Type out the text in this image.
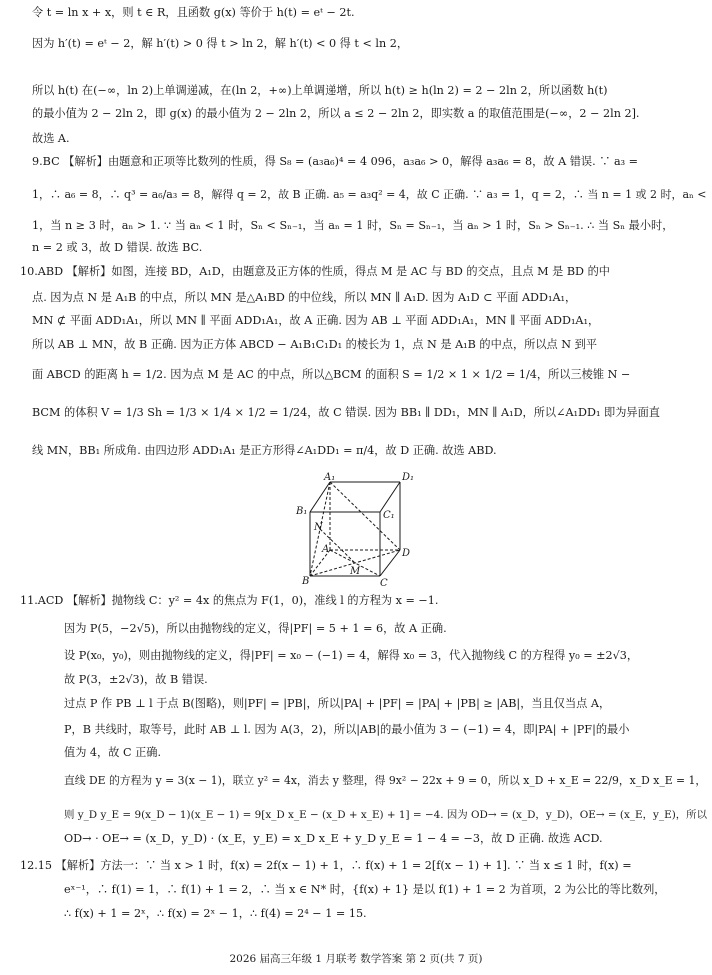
令 t = ln x + x，则 t ∈ R，且函数 g(x) 等价于 h(t) = eᵗ − 2t.
因为 h′(t) = eᵗ − 2，解 h′(t) > 0 得 t > ln 2，解 h′(t) < 0 得 t < ln 2，
所以 h(t) 在(−∞，ln 2)上单调递减，在(ln 2，+∞)上单调递增，所以 h(t) ≥ h(ln 2) = 2 − 2ln 2，所以函数 h(t)
的最小值为 2 − 2ln 2，即 g(x) 的最小值为 2 − 2ln 2，所以 a ≤ 2 − 2ln 2，即实数 a 的取值范围是(−∞，2 − 2ln 2].
故选 A.
9.BC 【解析】由题意和正项等比数列的性质，得 S₈ = (a₃a₆)⁴ = 4 096，a₃a₆ > 0，解得 a₃a₆ = 8，故 A 错误. ∵ a₃ =
1，∴ a₆ = 8，∴ q³ = a₆/a₃ = 8，解得 q = 2，故 B 正确. a₅ = a₃q² = 4，故 C 正确. ∵ a₃ = 1，q = 2，∴ 当 n = 1 或 2 时，aₙ <
1，当 n ≥ 3 时，aₙ > 1. ∵ 当 aₙ < 1 时，Sₙ < Sₙ₋₁，当 aₙ = 1 时，Sₙ = Sₙ₋₁，当 aₙ > 1 时，Sₙ > Sₙ₋₁. ∴ 当 Sₙ 最小时，
n = 2 或 3，故 D 错误. 故选 BC.
10.ABD 【解析】如图，连接 BD，A₁D，由题意及正方体的性质，得点 M 是 AC 与 BD 的交点，且点 M 是 BD 的中
点. 因为点 N 是 A₁B 的中点，所以 MN 是△A₁BD 的中位线，所以 MN ∥ A₁D. 因为 A₁D ⊂ 平面 ADD₁A₁，
MN ⊄ 平面 ADD₁A₁，所以 MN ∥ 平面 ADD₁A₁，故 A 正确. 因为 AB ⊥ 平面 ADD₁A₁，MN ∥ 平面 ADD₁A₁，
所以 AB ⊥ MN，故 B 正确. 因为正方体 ABCD − A₁B₁C₁D₁ 的棱长为 1，点 N 是 A₁B 的中点，所以点 N 到平
面 ABCD 的距离 h = 1/2. 因为点 M 是 AC 的中点，所以△BCM 的面积 S = 1/2 × 1 × 1/2 = 1/4，所以三棱锥 N −
BCM 的体积 V = 1/3 Sh = 1/3 × 1/4 × 1/2 = 1/24，故 C 错误. 因为 BB₁ ∥ DD₁，MN ∥ A₁D，所以∠A₁DD₁ 即为异面直
线 MN，BB₁ 所成角. 由四边形 ADD₁A₁ 是正方形得∠A₁DD₁ = π/4，故 D 正确. 故选 ABD.
A₁	D₁
B₁	C₁
N
A	D
B
M
C
11.ACD 【解析】抛物线 C：y² = 4x 的焦点为 F(1，0)，准线 l 的方程为 x = −1.
因为 P(5，−2√5)，所以由抛物线的定义，得|PF| = 5 + 1 = 6，故 A 正确.
设 P(x₀，y₀)，则由抛物线的定义，得|PF| = x₀ − (−1) = 4，解得 x₀ = 3，代入抛物线 C 的方程得 y₀ = ±2√3，
故 P(3，±2√3)，故 B 错误.
过点 P 作 PB ⊥ l 于点 B(图略)，则|PF| = |PB|，所以|PA| + |PF| = |PA| + |PB| ≥ |AB|，当且仅当点 A，
P，B 共线时，取等号，此时 AB ⊥ l. 因为 A(3，2)，所以|AB|的最小值为 3 − (−1) = 4，即|PA| + |PF|的最小
值为 4，故 C 正确.
直线 DE 的方程为 y = 3(x − 1)，联立 y² = 4x，消去 y 整理，得 9x² − 22x + 9 = 0，所以 x_D + x_E = 22/9，x_D x_E = 1，
则 y_D y_E = 9(x_D − 1)(x_E − 1) = 9[x_D x_E − (x_D + x_E) + 1] = −4. 因为 OD→ = (x_D，y_D)，OE→ = (x_E，y_E)，所以
OD→ · OE→ = (x_D，y_D) · (x_E，y_E) = x_D x_E + y_D y_E = 1 − 4 = −3，故 D 正确. 故选 ACD.
12.15 【解析】方法一：∵ 当 x > 1 时，f(x) = 2f(x − 1) + 1，∴ f(x) + 1 = 2[f(x − 1) + 1]. ∵ 当 x ≤ 1 时，f(x) =
eˣ⁻¹，∴ f(1) = 1，∴ f(1) + 1 = 2，∴ 当 x ∈ N* 时，{f(x) + 1} 是以 f(1) + 1 = 2 为首项，2 为公比的等比数列，
∴ f(x) + 1 = 2ˣ，∴ f(x) = 2ˣ − 1，∴ f(4) = 2⁴ − 1 = 15.
2026 届高三年级 1 月联考 数学答案 第 2 页(共 7 页)
